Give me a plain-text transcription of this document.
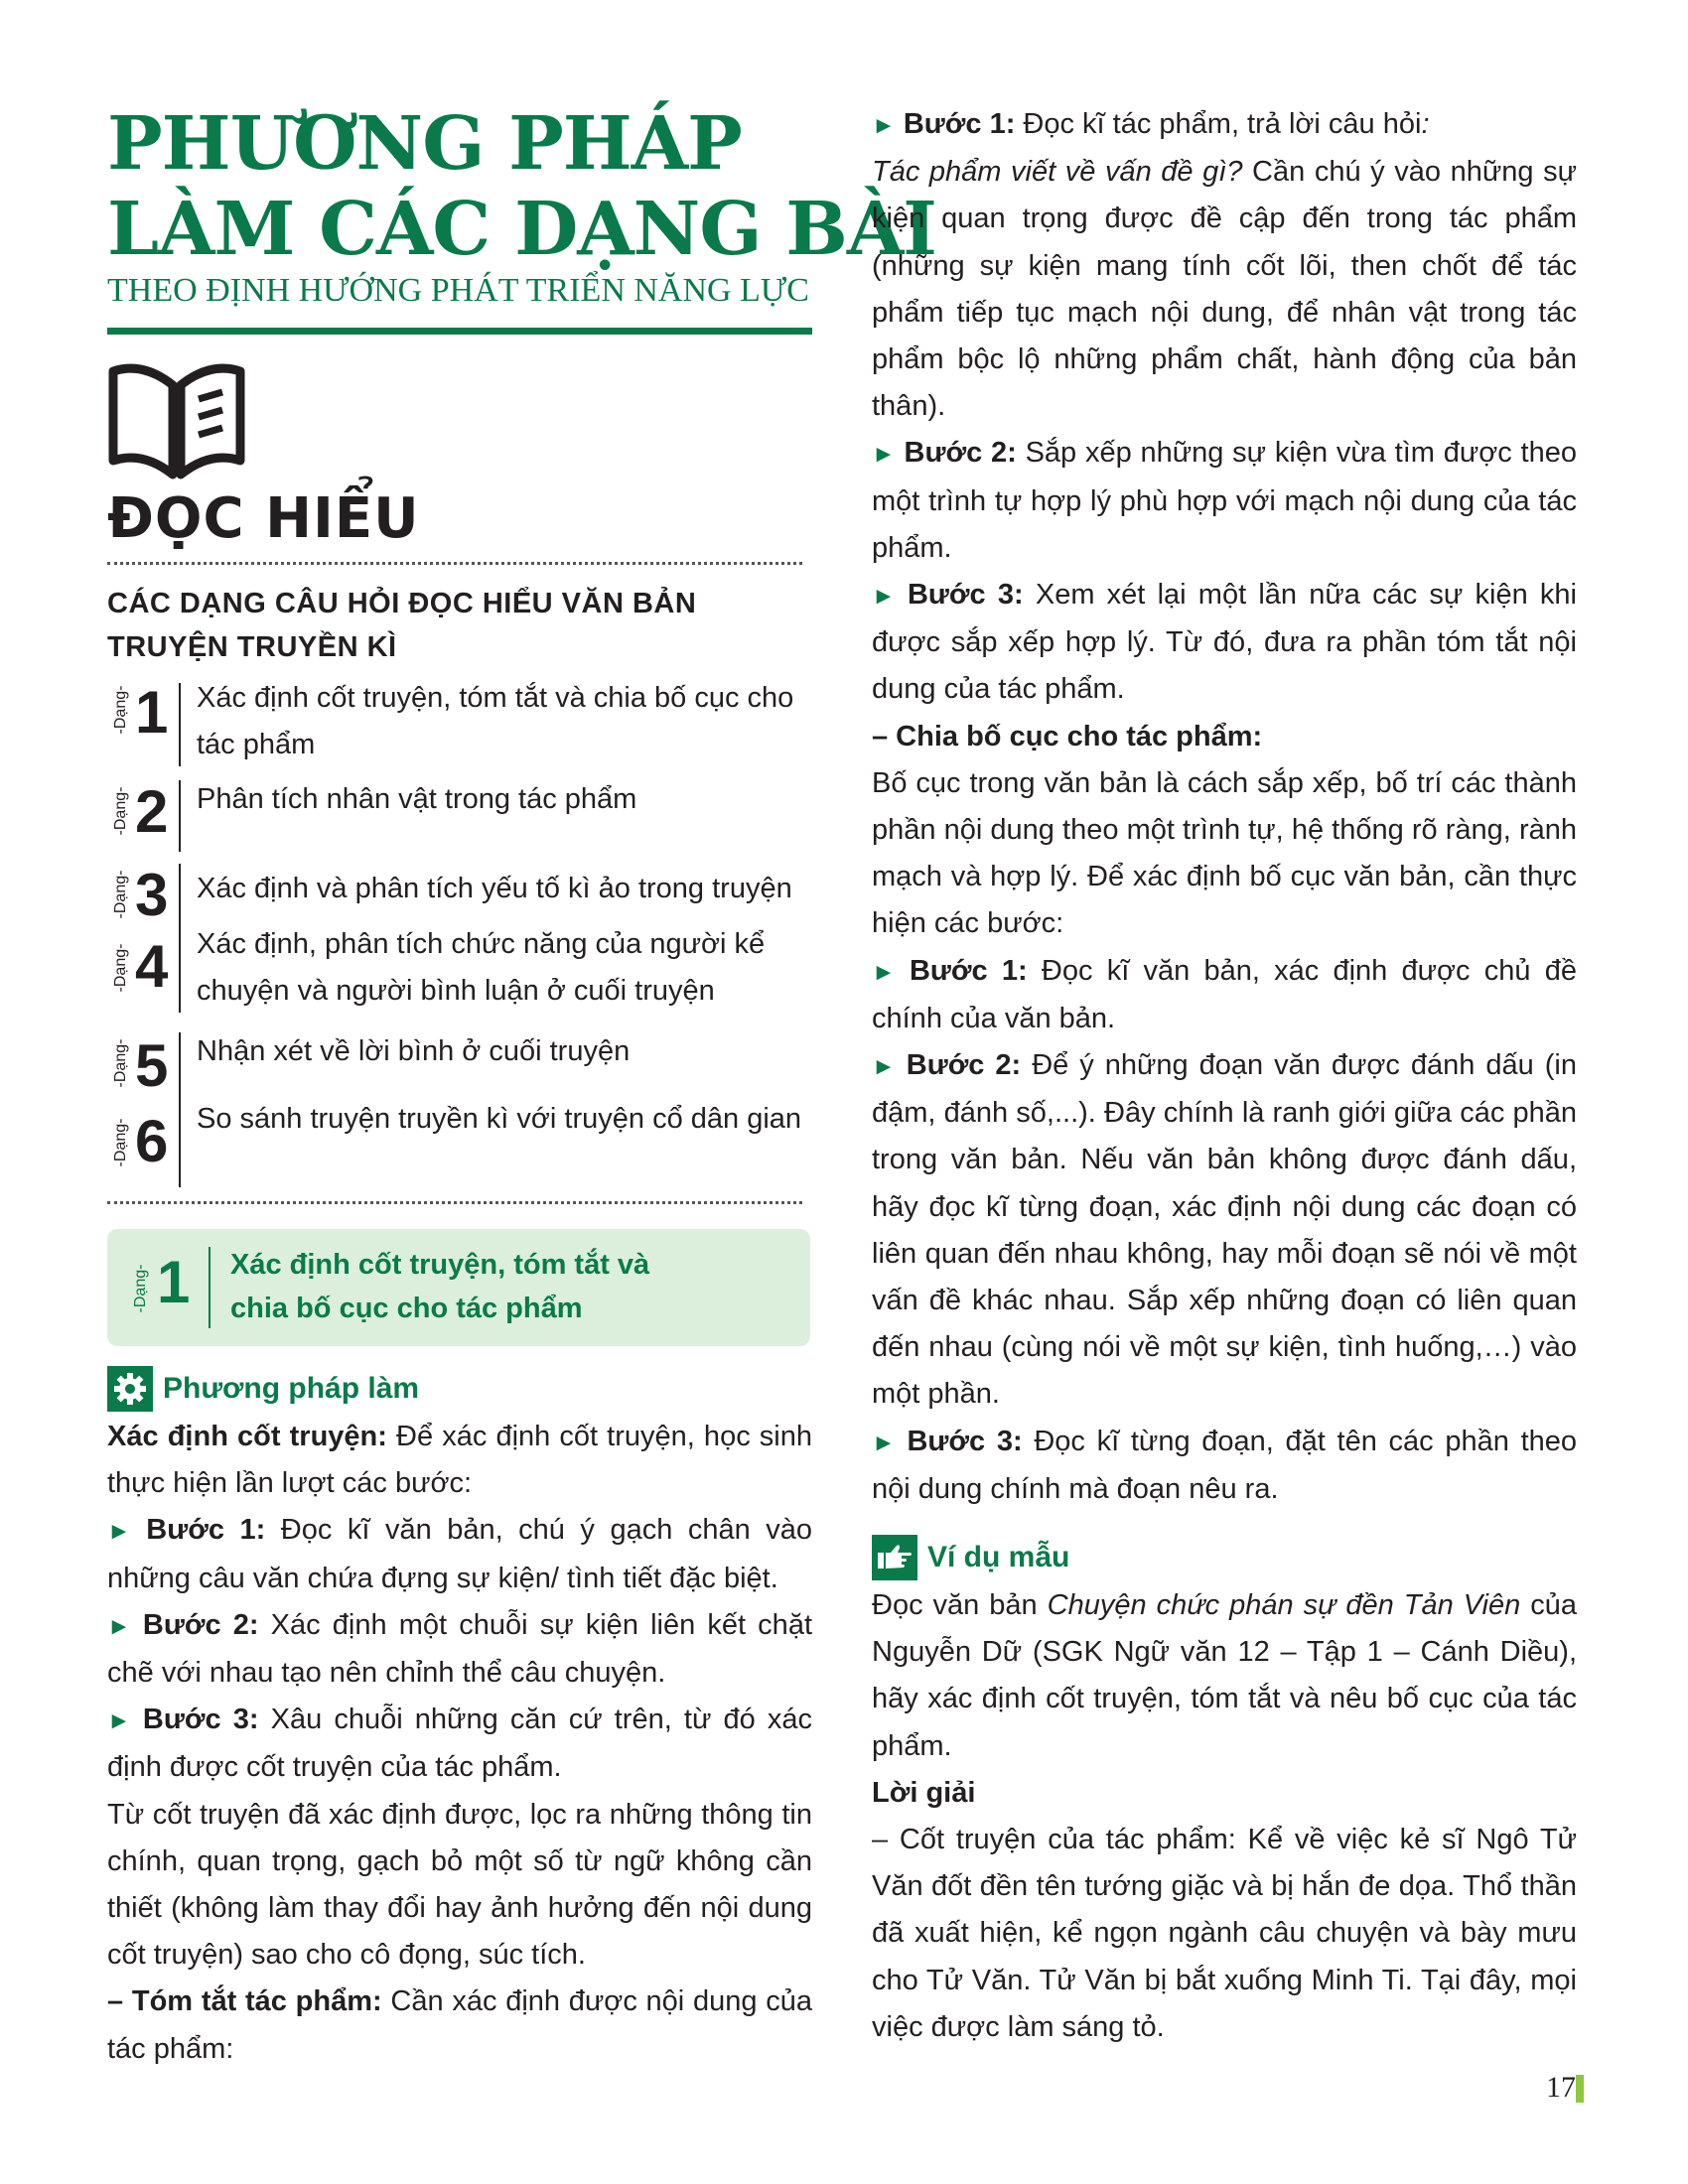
PHƯƠNG PHÁP
LÀM CÁC DẠNG BÀI
THEO ĐỊNH HƯỚNG PHÁT TRIỂN NĂNG LỰC
ĐỌC HIỂU
CÁC DẠNG CÂU HỎI ĐỌC HIỂU VĂN BẢN
TRUYỆN TRUYỀN KÌ
-Dạng- 1 Xác định cốt truyện, tóm tắt và chia bố cục cho tác phẩm
-Dạng- 2 Phân tích nhân vật trong tác phẩm
-Dạng- 3 Xác định và phân tích yếu tố kì ảo trong truyện
-Dạng- 4 Xác định, phân tích chức năng của người kể chuyện và người bình luận ở cuối truyện
-Dạng- 5 Nhận xét về lời bình ở cuối truyện
-Dạng- 6 So sánh truyện truyền kì với truyện cổ dân gian
-Dạng- 1 Xác định cốt truyện, tóm tắt và
chia bố cục cho tác phẩm
Phương pháp làm

Xác định cốt truyện: Để xác định cốt truyện, học sinh thực hiện lần lượt các bước:

► Bước 1: Đọc kĩ văn bản, chú ý gạch chân vào những câu văn chứa đựng sự kiện/ tình tiết đặc biệt.

► Bước 2: Xác định một chuỗi sự kiện liên kết chặt chẽ với nhau tạo nên chỉnh thể câu chuyện.

► Bước 3: Xâu chuỗi những căn cứ trên, từ đó xác định được cốt truyện của tác phẩm.

Từ cốt truyện đã xác định được, lọc ra những thông tin chính, quan trọng, gạch bỏ một số từ ngữ không cần thiết (không làm thay đổi hay ảnh hưởng đến nội dung cốt truyện) sao cho cô đọng, súc tích.

– Tóm tắt tác phẩm: Cần xác định được nội dung của tác phẩm:

► Bước 1: Đọc kĩ tác phẩm, trả lời câu hỏi:
Tác phẩm viết về vấn đề gì? Cần chú ý vào những sự kiện quan trọng được đề cập đến trong tác phẩm (những sự kiện mang tính cốt lõi, then chốt để tác phẩm tiếp tục mạch nội dung, để nhân vật trong tác phẩm bộc lộ những phẩm chất, hành động của bản thân).

► Bước 2: Sắp xếp những sự kiện vừa tìm được theo một trình tự hợp lý phù hợp với mạch nội dung của tác phẩm.

► Bước 3: Xem xét lại một lần nữa các sự kiện khi được sắp xếp hợp lý. Từ đó, đưa ra phần tóm tắt nội dung của tác phẩm.

– Chia bố cục cho tác phẩm:

Bố cục trong văn bản là cách sắp xếp, bố trí các thành phần nội dung theo một trình tự, hệ thống rõ ràng, rành mạch và hợp lý. Để xác định bố cục văn bản, cần thực hiện các bước:

► Bước 1: Đọc kĩ văn bản, xác định được chủ đề chính của văn bản.

► Bước 2: Để ý những đoạn văn được đánh dấu (in đậm, đánh số,...). Đây chính là ranh giới giữa các phần trong văn bản. Nếu văn bản không được đánh dấu, hãy đọc kĩ từng đoạn, xác định nội dung các đoạn có liên quan đến nhau không, hay mỗi đoạn sẽ nói về một vấn đề khác nhau. Sắp xếp những đoạn có liên quan đến nhau (cùng nói về một sự kiện, tình huống,…) vào một phần.

► Bước 3: Đọc kĩ từng đoạn, đặt tên các phần theo nội dung chính mà đoạn nêu ra.

Ví dụ mẫu

Đọc văn bản Chuyện chức phán sự đền Tản Viên của Nguyễn Dữ (SGK Ngữ văn 12 – Tập 1 – Cánh Diều), hãy xác định cốt truyện, tóm tắt và nêu bố cục của tác phẩm.

Lời giải

– Cốt truyện của tác phẩm: Kể về việc kẻ sĩ Ngô Tử Văn đốt đền tên tướng giặc và bị hắn đe dọa. Thổ thần đã xuất hiện, kể ngọn ngành câu chuyện và bày mưu cho Tử Văn. Tử Văn bị bắt xuống Minh Ti. Tại đây, mọi việc được làm sáng tỏ.

17
